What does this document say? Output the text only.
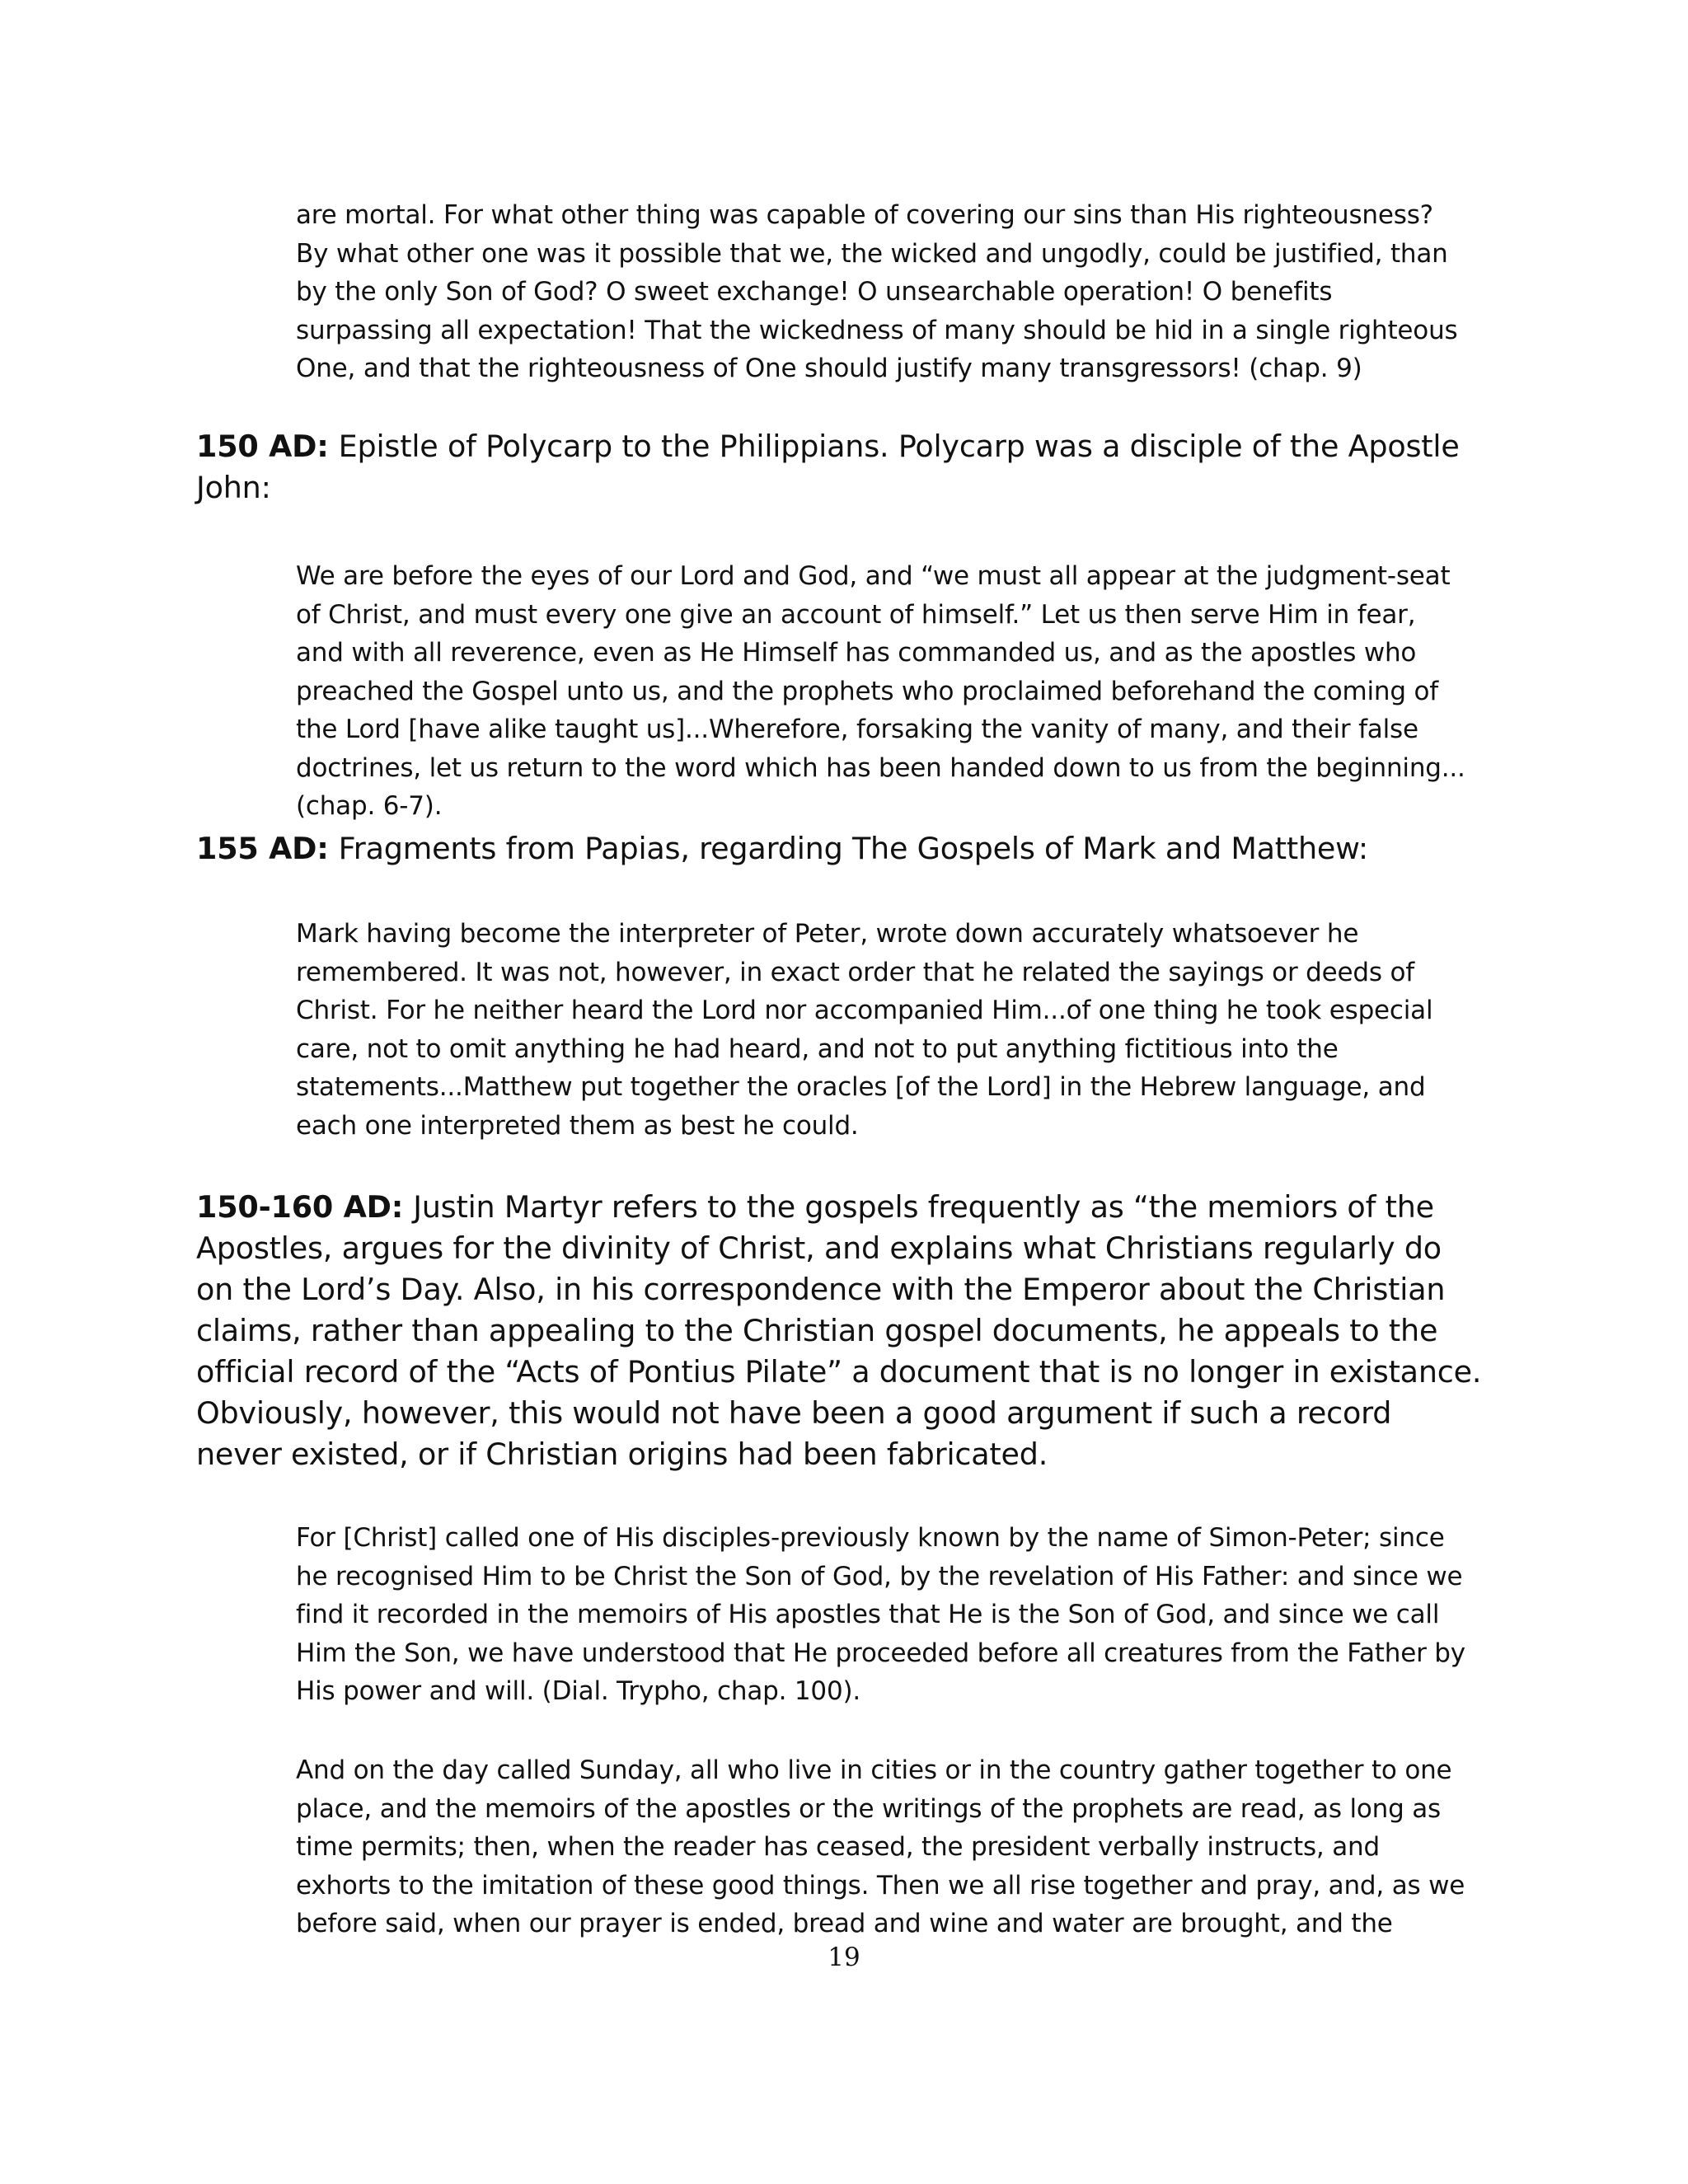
are mortal. For what other thing was capable of covering our sins than His righteousness? By what other one was it possible that we, the wicked and ungodly, could be justified, than by the only Son of God? O sweet exchange! O unsearchable operation! O benefits surpassing all expectation! That the wickedness of many should be hid in a single righteous One, and that the righteousness of One should justify many transgressors! (chap. 9)

150 AD: Epistle of Polycarp to the Philippians. Polycarp was a disciple of the Apostle John:

We are before the eyes of our Lord and God, and “we must all appear at the judgment-seat of Christ, and must every one give an account of himself.” Let us then serve Him in fear, and with all reverence, even as He Himself has commanded us, and as the apostles who preached the Gospel unto us, and the prophets who proclaimed beforehand the coming of the Lord [have alike taught us]...Wherefore, forsaking the vanity of many, and their false doctrines, let us return to the word which has been handed down to us from the beginning... (chap. 6-7).

155 AD: Fragments from Papias, regarding The Gospels of Mark and Matthew:

Mark having become the interpreter of Peter, wrote down accurately whatsoever he remembered. It was not, however, in exact order that he related the sayings or deeds of Christ. For he neither heard the Lord nor accompanied Him...of one thing he took especial care, not to omit anything he had heard, and not to put anything fictitious into the statements...Matthew put together the oracles [of the Lord] in the Hebrew language, and each one interpreted them as best he could.

150-160 AD: Justin Martyr refers to the gospels frequently as “the memiors of the Apostles, argues for the divinity of Christ, and explains what Christians regularly do on the Lord’s Day. Also, in his correspondence with the Emperor about the Christian claims, rather than appealing to the Christian gospel documents, he appeals to the official record of the “Acts of Pontius Pilate” a document that is no longer in existance. Obviously, however, this would not have been a good argument if such a record never existed, or if Christian origins had been fabricated.

For [Christ] called one of His disciples-previously known by the name of Simon-Peter; since he recognised Him to be Christ the Son of God, by the revelation of His Father: and since we find it recorded in the memoirs of His apostles that He is the Son of God, and since we call Him the Son, we have understood that He proceeded before all creatures from the Father by His power and will. (Dial. Trypho, chap. 100).

And on the day called Sunday, all who live in cities or in the country gather together to one place, and the memoirs of the apostles or the writings of the prophets are read, as long as time permits; then, when the reader has ceased, the president verbally instructs, and exhorts to the imitation of these good things. Then we all rise together and pray, and, as we before said, when our prayer is ended, bread and wine and water are brought, and the

19
